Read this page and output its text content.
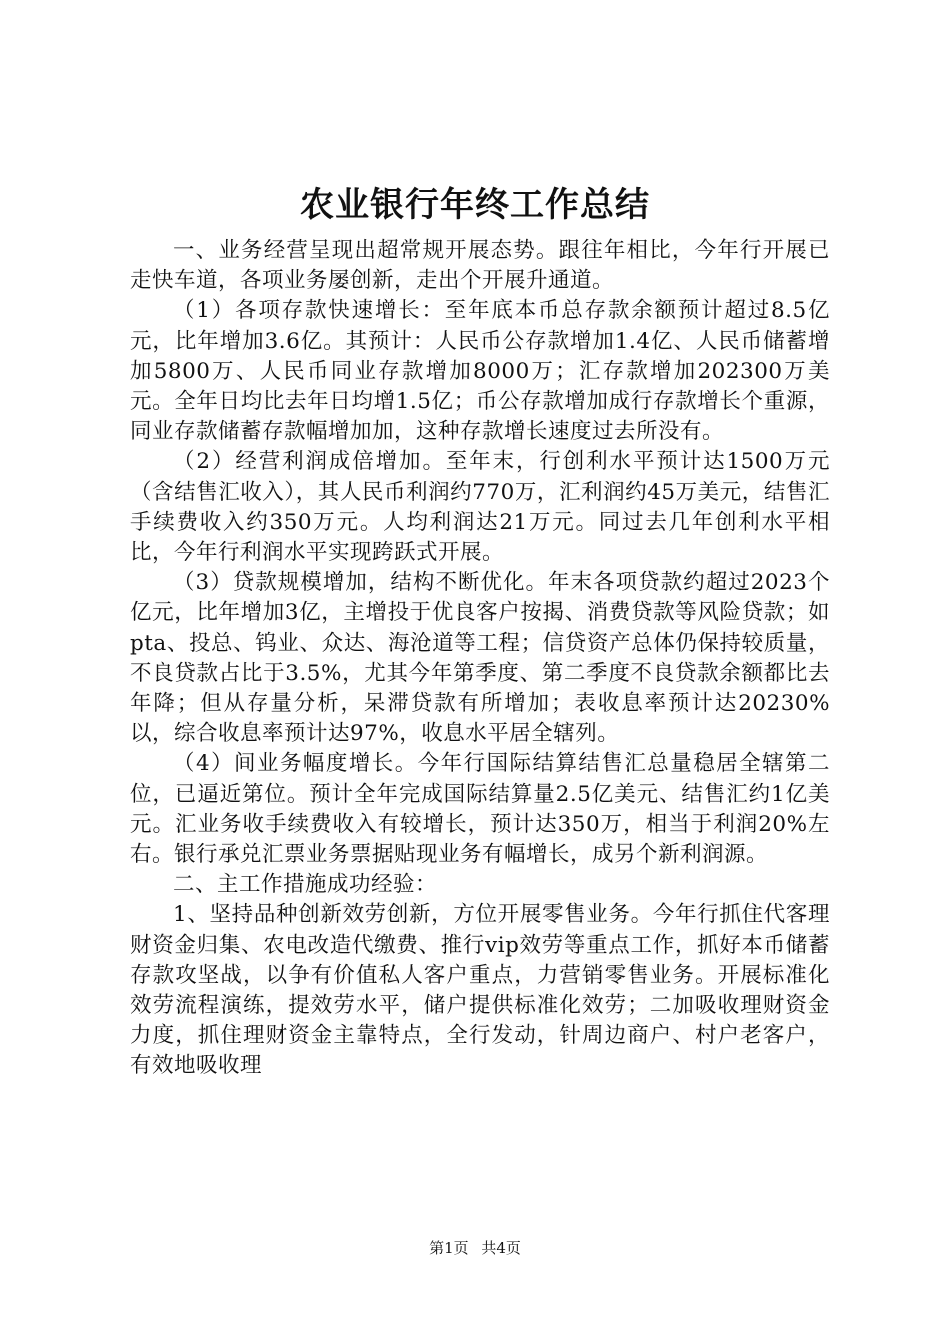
农业银行年终工作总结

一、业务经营呈现出超常规开展态势。跟往年相比，今年行开展已走快车道，各项业务屡创新，走出个开展升通道。

（1）各项存款快速增长：至年底本币总存款余额预计超过8.5亿元，比年增加3.6亿。其预计：人民币公存款增加1.4亿、人民币储蓄增加5800万、人民币同业存款增加8000万；汇存款增加202300万美元。全年日均比去年日均增1.5亿；币公存款增加成行存款增长个重源，同业存款储蓄存款幅增加加，这种存款增长速度过去所没有。

（2）经营利润成倍增加。至年末，行创利水平预计达1500万元（含结售汇收入），其人民币利润约770万，汇利润约45万美元，结售汇手续费收入约350万元。人均利润达21万元。同过去几年创利水平相比，今年行利润水平实现跨跃式开展。

（3）贷款规模增加，结构不断优化。年末各项贷款约超过2023个亿元，比年增加3亿，主增投于优良客户按揭、消费贷款等风险贷款；如pta、投总、钨业、众达、海沧道等工程；信贷资产总体仍保持较质量，不良贷款占比于3.5%，尤其今年第季度、第二季度不良贷款余额都比去年降；但从存量分析，呆滞贷款有所增加；表收息率预计达20230%以，综合收息率预计达97%，收息水平居全辖列。

（4）间业务幅度增长。今年行国际结算结售汇总量稳居全辖第二位，已逼近第位。预计全年完成国际结算量2.5亿美元、结售汇约1亿美元。汇业务收手续费收入有较增长，预计达350万，相当于利润20%左右。银行承兑汇票业务票据贴现业务有幅增长，成另个新利润源。

二、主工作措施成功经验：

1、坚持品种创新效劳创新，方位开展零售业务。今年行抓住代客理财资金归集、农电改造代缴费、推行vip效劳等重点工作，抓好本币储蓄存款攻坚战，以争有价值私人客户重点，力营销零售业务。开展标准化效劳流程演练，提效劳水平，储户提供标准化效劳；二加吸收理财资金力度，抓住理财资金主靠特点，全行发动，针周边商户、村户老客户，有效地吸收理

第1页 共4页
